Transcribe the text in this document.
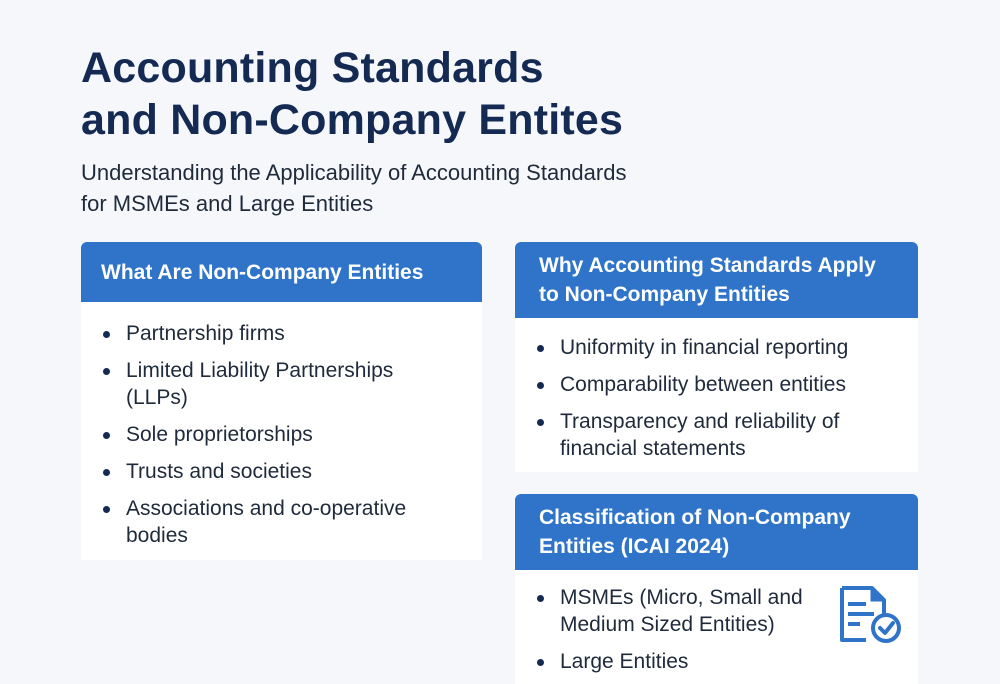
Accounting Standards
and Non-Company Entites

Understanding the Applicability of Accounting Standards
for MSMEs and Large Entities

What Are Non-Company Entities
Partnership firms
Limited Liability Partnerships (LLPs)
Sole proprietorships
Trusts and societies
Associations and co-operative bodies
Why Accounting Standards Apply to Non-Company Entities
Uniformity in financial reporting
Comparability between entities
Transparency and reliability of financial statements
Classification of Non-Company Entities (ICAI 2024)
MSMEs (Micro, Small and Medium Sized Entities)
Large Entities
